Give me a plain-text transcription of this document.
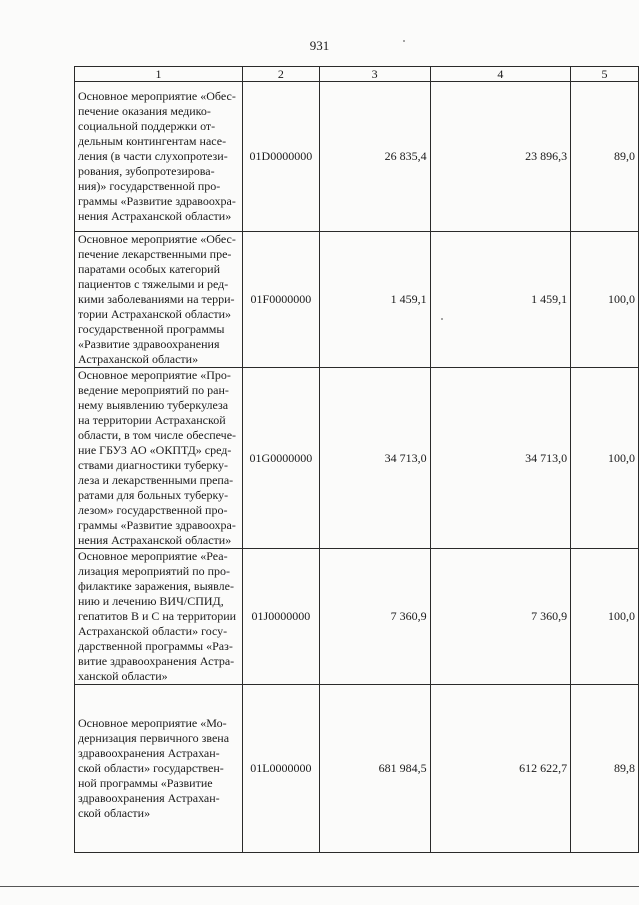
931
1	2	3	4	5
Основное мероприятие «Обес-печение оказания медико-социальной поддержки от-дельным контингентам насе-ления (в части слухопротези-рования, зубопротезирова-ния)» государственной про-граммы «Развитие здравоохра-нения Астраханской области»	01D0000000	26 835,4	23 896,3	89,0
Основное мероприятие «Обес-печение лекарственными пре-паратами особых категорий пациентов с тяжелыми и ред-кими заболеваниями на терри-тории Астраханской области» государственной программы «Развитие здравоохранения Астраханской области»	01F0000000	1 459,1	1 459,1	100,0
Основное мероприятие «Про-ведение мероприятий по ран-нему выявлению туберкулеза на территории Астраханской области, в том числе обеспече-ние ГБУЗ АО «ОКПТД» сред-ствами диагностики туберку-леза и лекарственными препа-ратами для больных туберку-лезом» государственной про-граммы «Развитие здравоохра-нения Астраханской области»	01G0000000	34 713,0	34 713,0	100,0
Основное мероприятие «Реа-лизация мероприятий по про-филактике заражения, выявле-нию и лечению ВИЧ/СПИД, гепатитов В и С на территории Астраханской области» госу-дарственной программы «Раз-витие здравоохранения Астра-ханской области»	01J0000000	7 360,9	7 360,9	100,0
Основное мероприятие «Мо-дернизация первичного звена здравоохранения Астрахан-ской области» государствен-ной программы «Развитие здравоохранения Астрахан-ской области»	01L0000000	681 984,5	612 622,7	89,8
